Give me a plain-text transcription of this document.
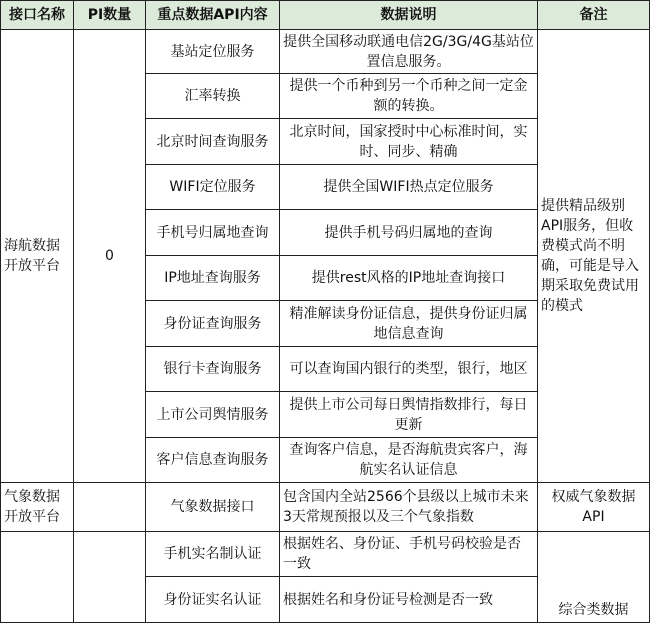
接口名称	PI数量	重点数据API内容	数据说明	备注
海航数据开放平台	0	基站定位服务	提供全国移动联通电信2G/3G/4G基站位置信息服务。	提供精品级别API服务，但收费模式尚不明确，可能是导入期采取免费试用的模式
		汇率转换	提供一个币种到另一个币种之间一定金额的转换。	
		北京时间查询服务	北京时间，国家授时中心标准时间，实时、同步、精确	
		WIFI定位服务	提供全国WIFI热点定位服务	
		手机号归属地查询	提供手机号码归属地的查询	
		IP地址查询服务	提供rest风格的IP地址查询接口	
		身份证查询服务	精准解读身份证信息，提供身份证归属地信息查询	
		银行卡查询服务	可以查询国内银行的类型，银行，地区	
		上市公司舆情服务	提供上市公司每日舆情指数排行，每日更新	
		客户信息查询服务	查询客户信息，是否海航贵宾客户，海航实名认证信息	
气象数据开放平台		气象数据接口	包含国内全站2566个县级以上城市未来3天常规预报以及三个气象指数	权威气象数据API
		手机实名制认证	根据姓名、身份证、手机号码校验是否一致	综合类数据
		身份证实名认证	根据姓名和身份证号检测是否一致	
